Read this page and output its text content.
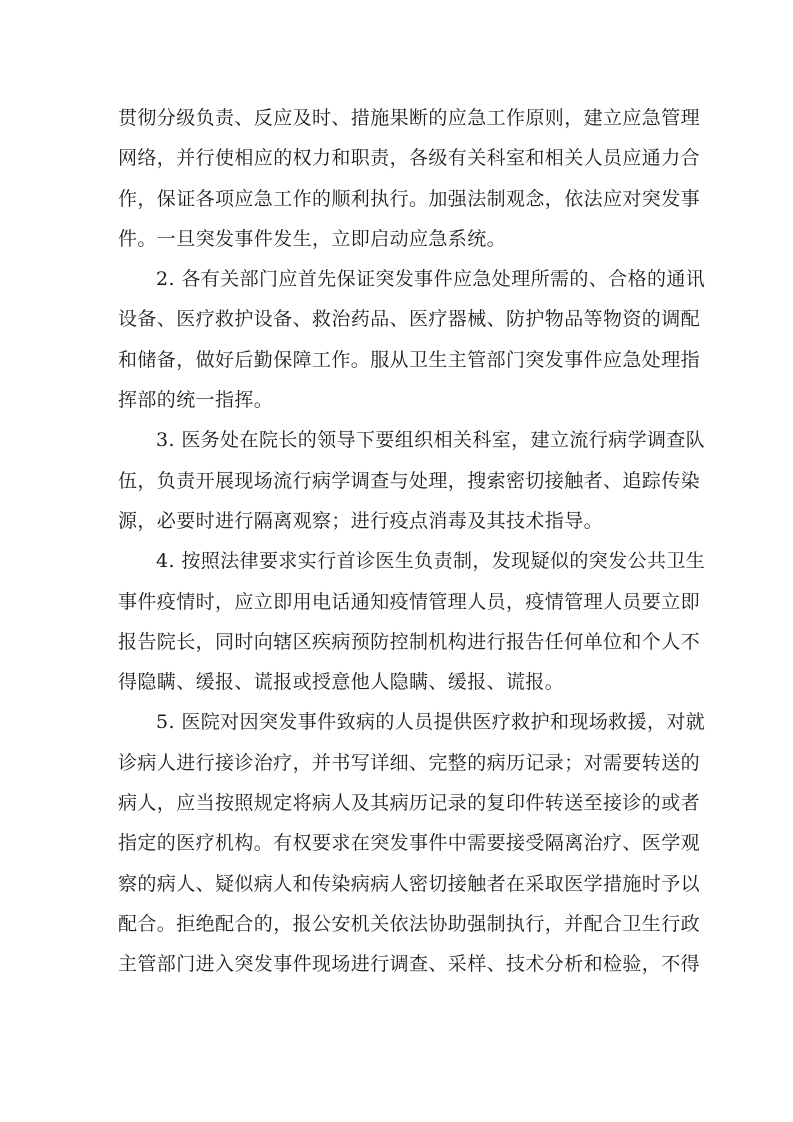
贯彻分级负责、反应及时、措施果断的应急工作原则，建立应急管理
网络，并行使相应的权力和职责，各级有关科室和相关人员应通力合
作，保证各项应急工作的顺利执行。加强法制观念，依法应对突发事
件。一旦突发事件发生，立即启动应急系统。
2. 各有关部门应首先保证突发事件应急处理所需的、合格的通讯
设备、医疗救护设备、救治药品、医疗器械、防护物品等物资的调配
和储备，做好后勤保障工作。服从卫生主管部门突发事件应急处理指
挥部的统一指挥。
3. 医务处在院长的领导下要组织相关科室，建立流行病学调查队
伍，负责开展现场流行病学调查与处理，搜索密切接触者、追踪传染
源，必要时进行隔离观察；进行疫点消毒及其技术指导。
4. 按照法律要求实行首诊医生负责制，发现疑似的突发公共卫生
事件疫情时，应立即用电话通知疫情管理人员，疫情管理人员要立即
报告院长，同时向辖区疾病预防控制机构进行报告任何单位和个人不
得隐瞒、缓报、谎报或授意他人隐瞒、缓报、谎报。
5. 医院对因突发事件致病的人员提供医疗救护和现场救援，对就
诊病人进行接诊治疗，并书写详细、完整的病历记录；对需要转送的
病人，应当按照规定将病人及其病历记录的复印件转送至接诊的或者
指定的医疗机构。有权要求在突发事件中需要接受隔离治疗、医学观
察的病人、疑似病人和传染病病人密切接触者在采取医学措施时予以
配合。拒绝配合的，报公安机关依法协助强制执行，并配合卫生行政
主管部门进入突发事件现场进行调查、采样、技术分析和检验，不得
